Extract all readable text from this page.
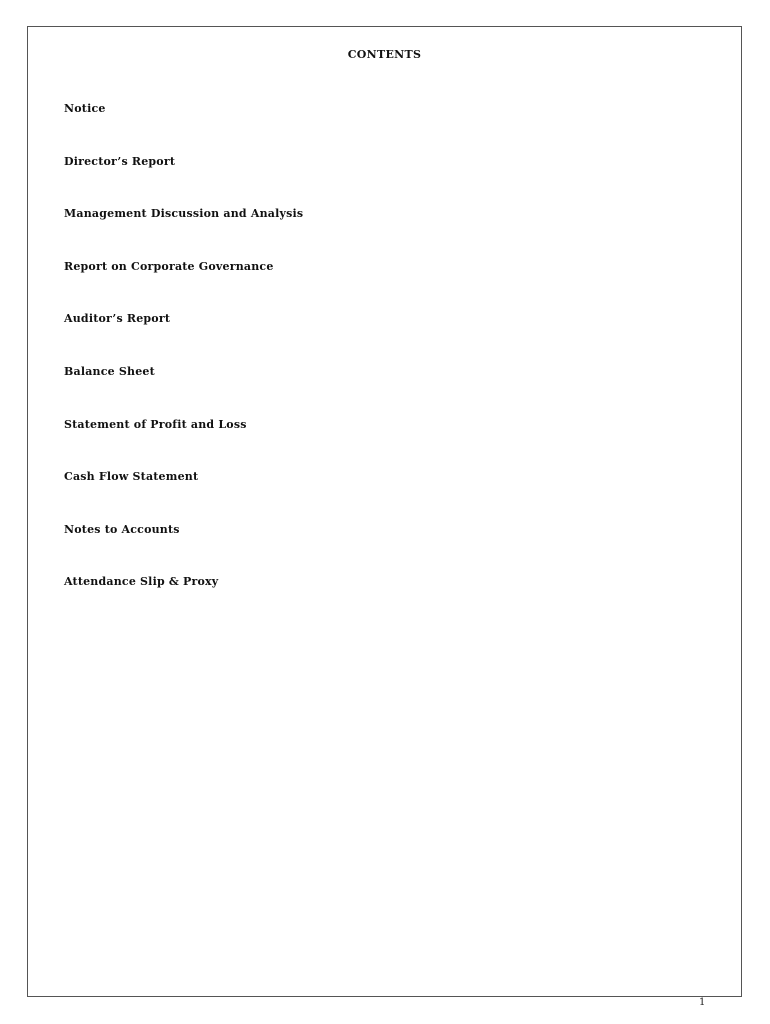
CONTENTS
Notice
Director’s Report
Management Discussion and Analysis
Report on Corporate Governance
Auditor’s Report
Balance Sheet
Statement of Profit and Loss
Cash Flow Statement
Notes to Accounts
Attendance Slip & Proxy
1
